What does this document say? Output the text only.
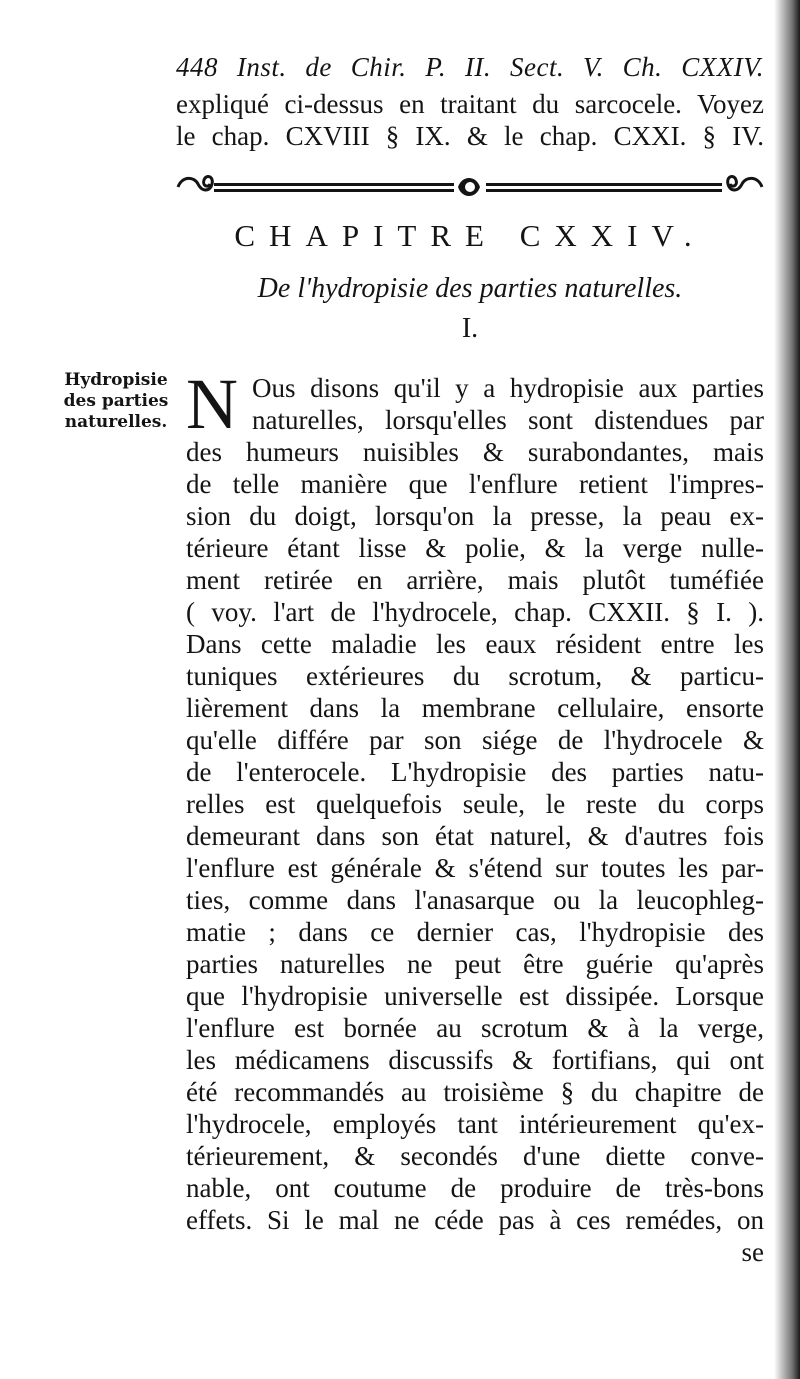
448 Inst. de Chir. P. II. Sect. V. Ch. CXXIV.
expliqué ci-dessus en traitant du sarcocele. Voyez
le chap. CXVIII § IX. & le chap. CXXI. § IV.
CHAPITRE CXXIV.
De l'hydropisie des parties naturelles.
I.
Hydropisie
des parties
naturelles. N Ous disons qu'il y a hydropisie aux parties
naturelles, lorsqu'elles sont distendues par
des humeurs nuisibles & surabondantes, mais
de telle manière que l'enflure retient l'impres-
sion du doigt, lorsqu'on la presse, la peau ex-
térieure étant lisse & polie, & la verge nulle-
ment retirée en arrière, mais plutôt tuméfiée
( voy. l'art de l'hydrocele, chap. CXXII. § I. ).
Dans cette maladie les eaux résident entre les
tuniques extérieures du scrotum, & particu-
lièrement dans la membrane cellulaire, ensorte
qu'elle différe par son siége de l'hydrocele &
de l'enterocele. L'hydropisie des parties natu-
relles est quelquefois seule, le reste du corps
demeurant dans son état naturel, & d'autres fois
l'enflure est générale & s'étend sur toutes les par-
ties, comme dans l'anasarque ou la leucophleg-
matie ; dans ce dernier cas, l'hydropisie des
parties naturelles ne peut être guérie qu'après
que l'hydropisie universelle est dissipée. Lorsque
l'enflure est bornée au scrotum & à la verge,
les médicamens discussifs & fortifians, qui ont
été recommandés au troisième § du chapitre de
l'hydrocele, employés tant intérieurement qu'ex-
térieurement, & secondés d'une diette conve-
nable, ont coutume de produire de très-bons
effets. Si le mal ne céde pas à ces remédes, on
se
